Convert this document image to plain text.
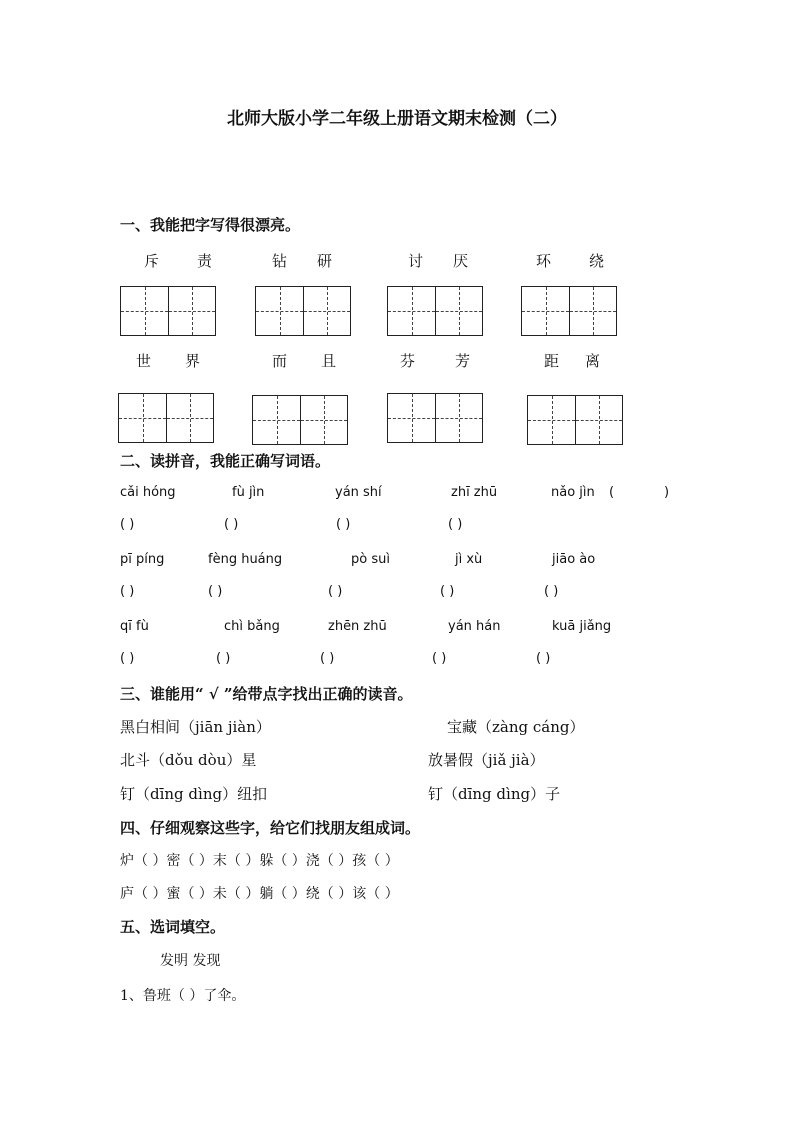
北师大版小学二年级上册语文期末检测（二）
一、我能把字写得很漂亮。
斥	责	钻 研	讨 厌	环	绕
世 界	而 且	芬	芳	距 离
二、读拼音，我能正确写词语。
cǎi hóng	fù jìn	yán shí	zhī zhū	nǎo jìn (	)
( )	( )	( )	( )
pī píng	fèng huáng	pò suì	jì xù	jiāo ào
( )	( )	( )	( )	( )
qī fù	chì bǎng	zhēn zhū	yán hán	kuā jiǎng
( )	( )	( )	( )	( )
三、谁能用“ √ ”给带点字找出正确的读音。
黑白相间（jiān jiàn）	宝藏（zàng cáng）
北斗（dǒu dòu）星	放暑假（jiǎ jià）
钉（dīng dìng）纽扣	钉（dīng dìng）子
四、仔细观察这些字，给它们找朋友组成词。
炉（ ）密（ ）末（ ）躲（ ）浇（ ）孩（ ）
庐（ ）蜜（ ）未（ ）躺（ ）绕（ ）该（ ）
五、选词填空。
发明 发现
1、鲁班（ ）了伞。
